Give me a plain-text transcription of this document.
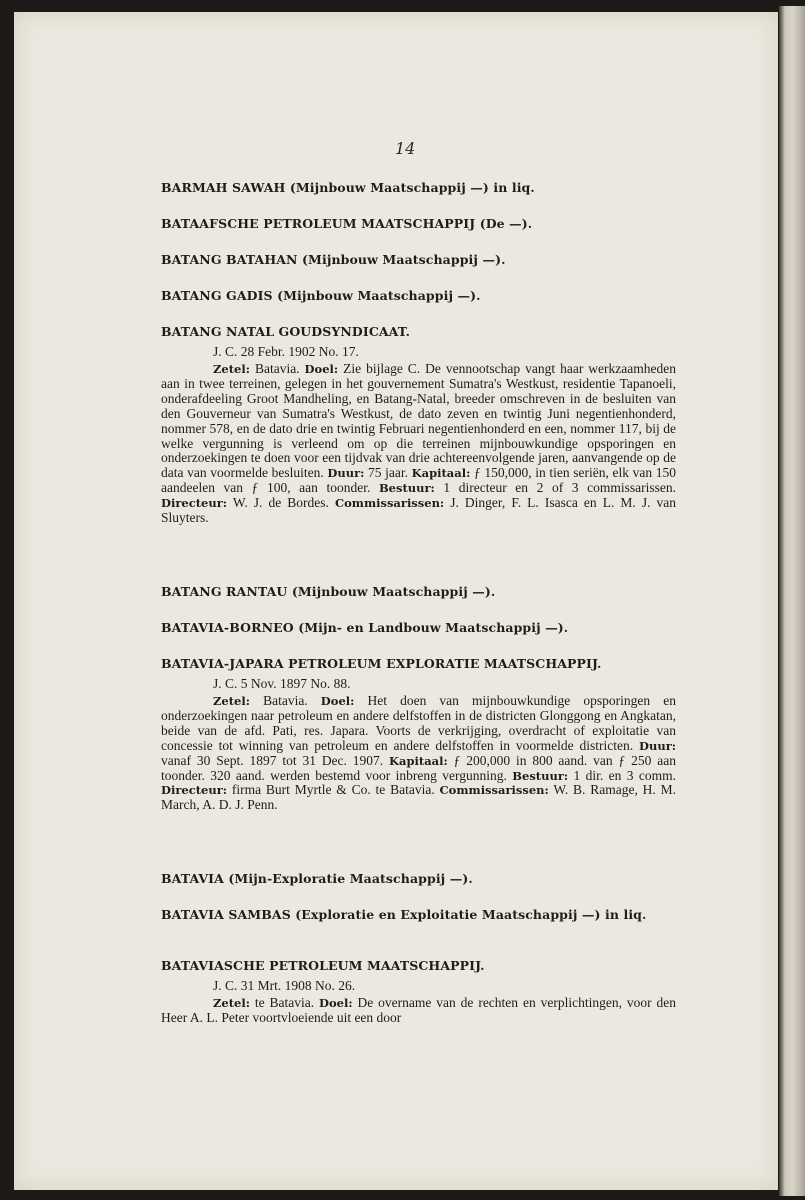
14
BARMAH SAWAH (Mijnbouw Maatschappij —) in liq.
BATAAFSCHE PETROLEUM MAATSCHAPPIJ (De —).
BATANG BATAHAN (Mijnbouw Maatschappij —).
BATANG GADIS (Mijnbouw Maatschappij —).
BATANG NATAL GOUDSYNDICAAT.
J. C. 28 Febr. 1902 No. 17.
Zetel: Batavia. Doel: Zie bijlage C. De vennootschap vangt haar werkzaamheden aan in twee terreinen, gelegen in het gouvernement Sumatra's Westkust, residentie Tapanoeli, onderafdeeling Groot Mandheling, en Batang-Natal, breeder omschreven in de besluiten van den Gouverneur van Sumatra's Westkust, de dato zeven en twintig Juni negentienhonderd, nommer 578, en de dato drie en twintig Februari negentienhonderd en een, nommer 117, bij de welke vergunning is verleend om op die terreinen mijnbouwkundige opsporingen en onderzoekingen te doen voor een tijdvak van drie achtereenvolgende jaren, aanvangende op de data van voormelde besluiten. Duur: 75 jaar. Kapitaal: ƒ 150,000, in tien seriën, elk van 150 aandeelen van ƒ 100, aan toonder. Bestuur: 1 directeur en 2 of 3 commissarissen. Directeur: W. J. de Bordes. Commissarissen: J. Dinger, F. L. Isasca en L. M. J. van Sluyters.
BATANG RANTAU (Mijnbouw Maatschappij —).
BATAVIA-BORNEO (Mijn- en Landbouw Maatschappij —).
BATAVIA-JAPARA PETROLEUM EXPLORATIE MAATSCHAPPIJ.
J. C. 5 Nov. 1897 No. 88.
Zetel: Batavia. Doel: Het doen van mijnbouwkundige opsporingen en onderzoekingen naar petroleum en andere delfstoffen in de districten Glonggong en Angkatan, beide van de afd. Pati, res. Japara. Voorts de verkrijging, overdracht of exploitatie van concessie tot winning van petroleum en andere delfstoffen in voormelde districten. Duur: vanaf 30 Sept. 1897 tot 31 Dec. 1907. Kapitaal: ƒ 200,000 in 800 aand. van ƒ 250 aan toonder. 320 aand. werden bestemd voor inbreng vergunning. Bestuur: 1 dir. en 3 comm. Directeur: firma Burt Myrtle & Co. te Batavia. Commissarissen: W. B. Ramage, H. M. March, A. D. J. Penn.
BATAVIA (Mijn-Exploratie Maatschappij —).
BATAVIA SAMBAS (Exploratie en Exploitatie Maatschappij —) in liq.
BATAVIASCHE PETROLEUM MAATSCHAPPIJ.
J. C. 31 Mrt. 1908 No. 26.
Zetel: te Batavia. Doel: De overname van de rechten en verplichtingen, voor den Heer A. L. Peter voortvloeiende uit een door
